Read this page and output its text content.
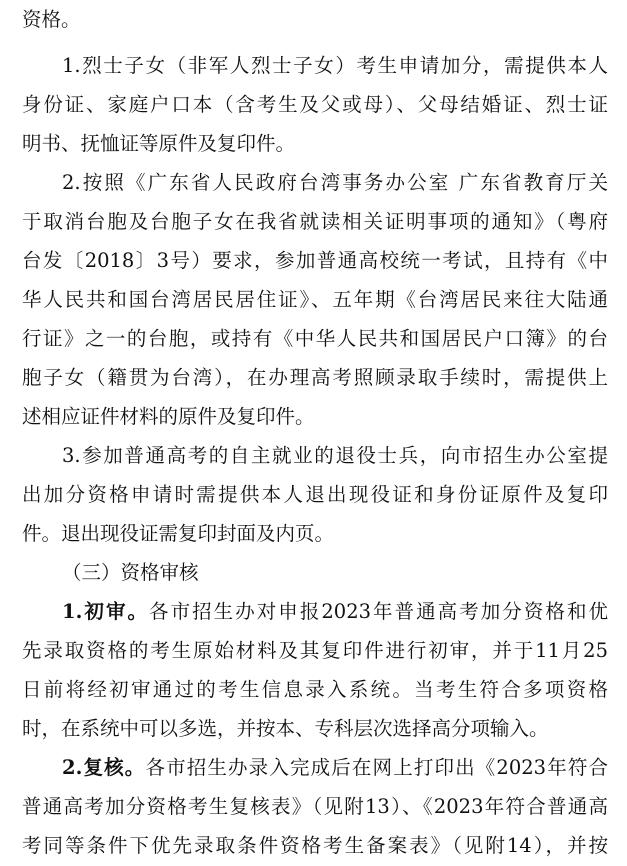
资格。
1.烈士子女（非军人烈士子女）考生申请加分，需提供本人
身份证、家庭户口本（含考生及父或母）、父母结婚证、烈士证
明书、抚恤证等原件及复印件。
2.按照《广东省人民政府台湾事务办公室 广东省教育厅关
于取消台胞及台胞子女在我省就读相关证明事项的通知》（粤府
台发〔2018〕3号）要求，参加普通高校统一考试，且持有《中
华人民共和国台湾居民居住证》、五年期《台湾居民来往大陆通
行证》之一的台胞，或持有《中华人民共和国居民户口簿》的台
胞子女（籍贯为台湾），在办理高考照顾录取手续时，需提供上
述相应证件材料的原件及复印件。
3.参加普通高考的自主就业的退役士兵，向市招生办公室提
出加分资格申请时需提供本人退出现役证和身份证原件及复印
件。退出现役证需复印封面及内页。
（三）资格审核
1.初审。各市招生办对申报2023年普通高考加分资格和优
先录取资格的考生原始材料及其复印件进行初审，并于11月25
日前将经初审通过的考生信息录入系统。当考生符合多项资格
时，在系统中可以多选，并按本、专科层次选择高分项输入。
2.复核。各市招生办录入完成后在网上打印出《2023年符合
普通高考加分资格考生复核表》（见附13）、《2023年符合普通高
考同等条件下优先录取条件资格考生备案表》（见附14），并按
